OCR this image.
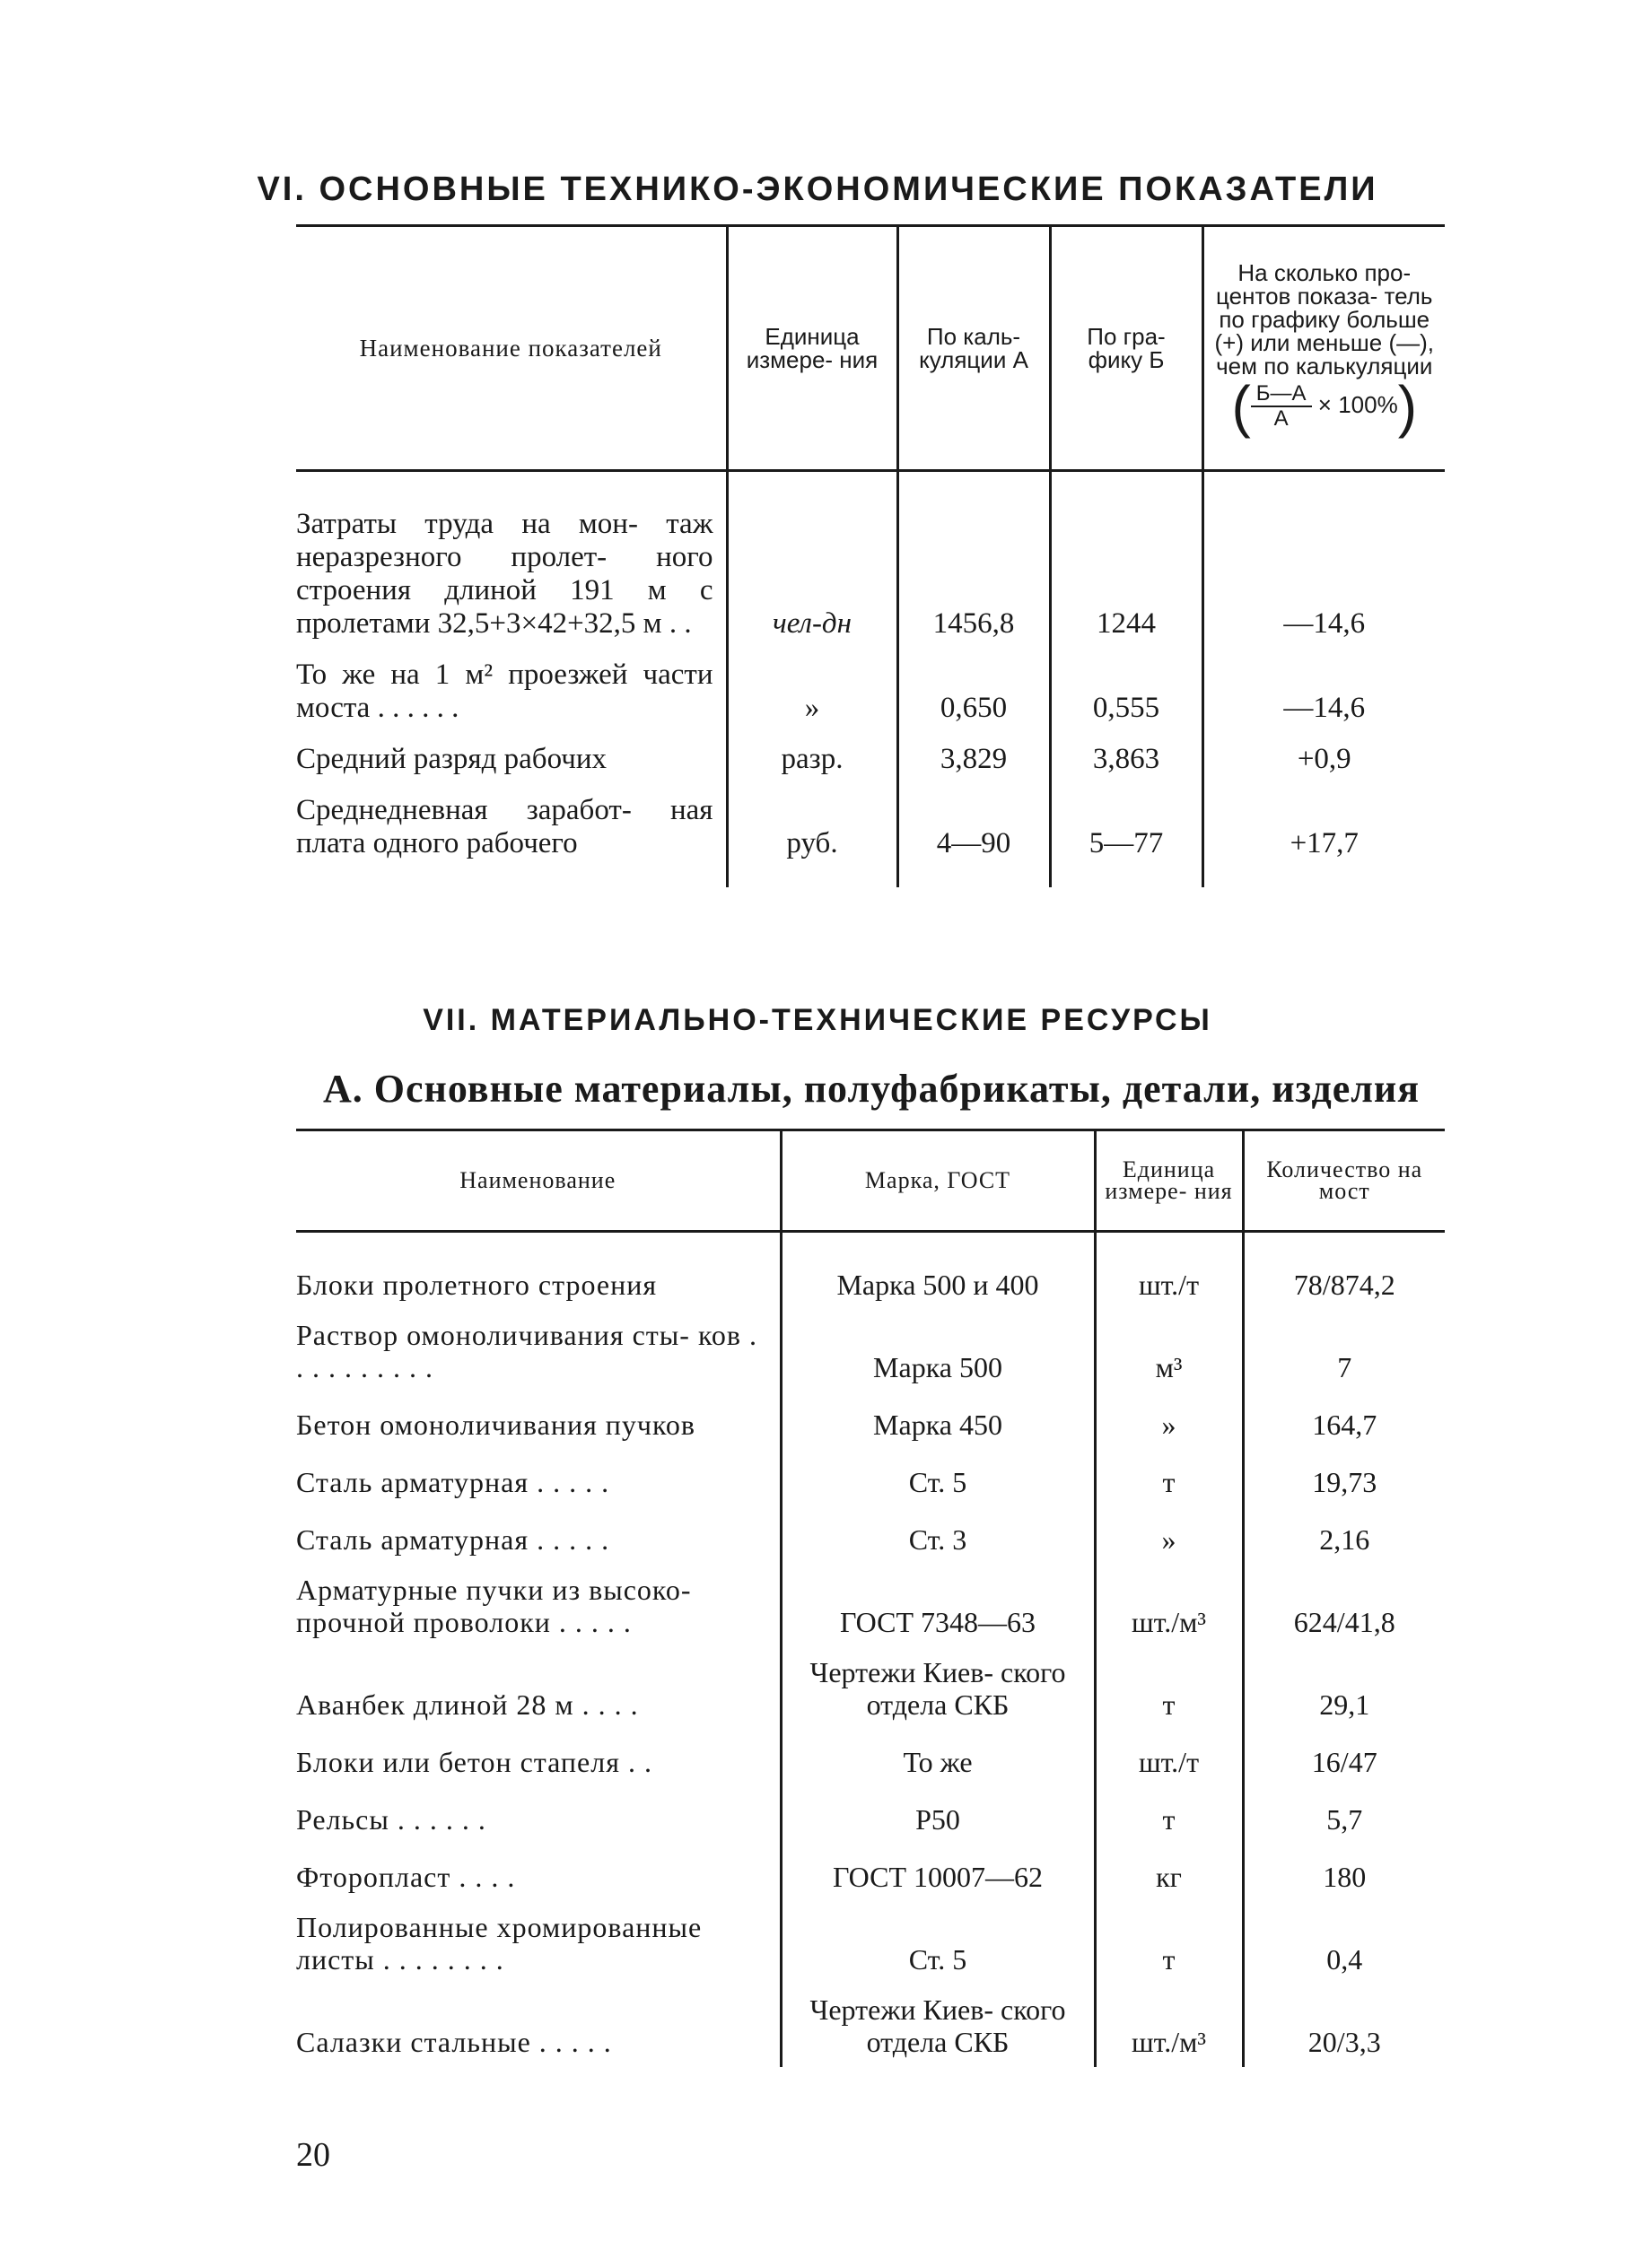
VI. ОСНОВНЫЕ ТЕХНИКО-ЭКОНОМИЧЕСКИЕ ПОКАЗАТЕЛИ
Наименование показателей	Единица измере- ния	По каль- куляции А	По гра- фику Б	На сколько про- центов показа- тель по графику больше (+) или меньше (—), чем по калькуляции
( $\frac{Б—А}{А} \times 100\%$)

Затраты труда на мон- таж неразрезного пролет- ного строения длиной 191 м с пролетами 32,5+3×42+32,5 м . .	чел-дн	1456,8	1244	—14,6
То же на 1 м² проезжей части моста . . . . . .	»	0,650	0,555	—14,6
Средний разряд рабочих	разр.	3,829	3,863	+0,9
Среднедневная заработ- ная плата одного рабочего	руб.	4—90	5—77	+17,7
VII. МАТЕРИАЛЬНО-ТЕХНИЧЕСКИЕ РЕСУРСЫ
А. Основные материалы, полуфабрикаты, детали, изделия
Наименование	Марка, ГОСТ	Единица измере- ния	Количество на мост
Блоки пролетного строения	Марка 500 и 400	шт./т	78/874,2
Раствор омоноличивания сты- ков . . . . . . . . . .	Марка 500	м³	7
Бетон омоноличивания пучков	Марка 450	»	164,7
Сталь арматурная . . . . .	Ст. 5	т	19,73
Сталь арматурная . . . . .	Ст. 3	»	2,16
Арматурные пучки из высоко- прочной проволоки . . . . .	ГОСТ 7348—63	шт./м³	624/41,8
Аванбек длиной 28 м . . . .	Чертежи Киев- ского отдела СКБ	т	29,1
Блоки или бетон стапеля . .	То же	шт./т	16/47
Рельсы . . . . . .	Р50	т	5,7
Фторопласт . . . .	ГОСТ 10007—62	кг	180
Полированные хромированные листы . . . . . . . .	Ст. 5	т	0,4
Салазки стальные . . . . .	Чертежи Киев- ского отдела СКБ	шт./м³	20/3,3

20
